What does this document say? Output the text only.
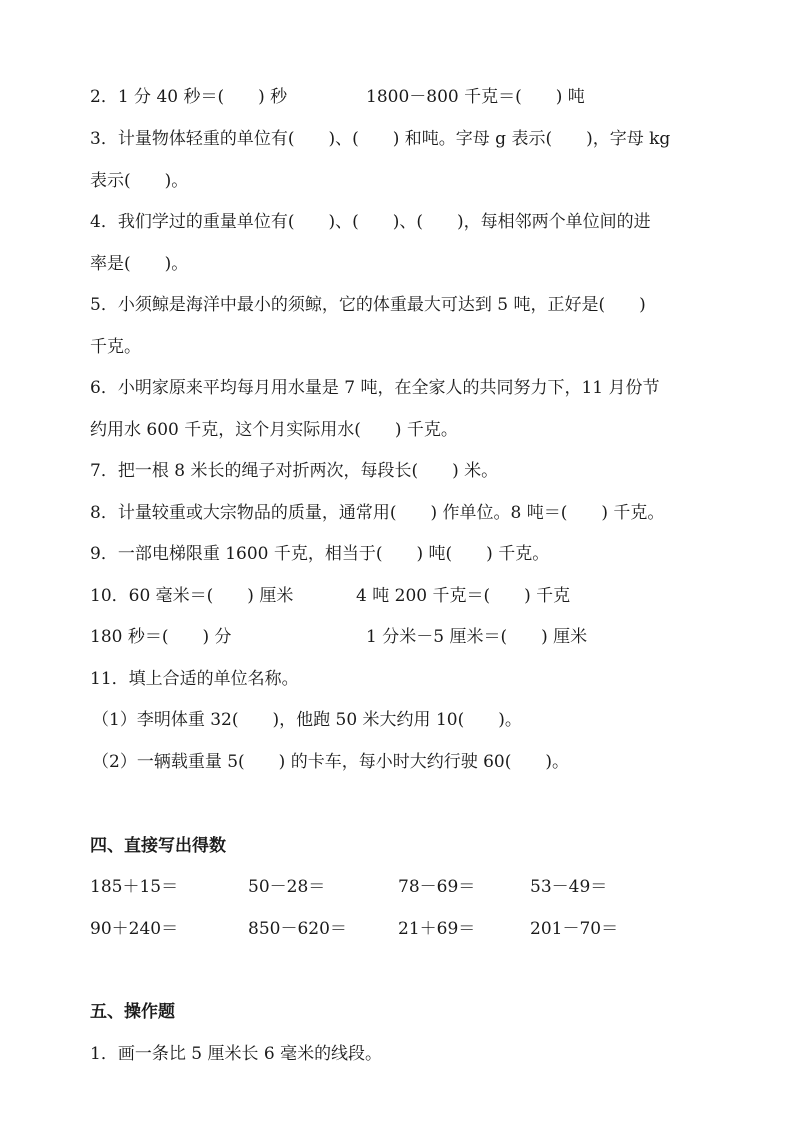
2．1 分 40 秒＝(　　) 秒	1800－800 千克＝(　　) 吨
3．计量物体轻重的单位有(　　)、(　　) 和吨。字母 g 表示(　　)，字母 kg
表示(　　)。
4．我们学过的重量单位有(　　)、(　　)、(　　)，每相邻两个单位间的进
率是(　　)。
5．小须鲸是海洋中最小的须鲸，它的体重最大可达到 5 吨，正好是(　　)
千克。
6．小明家原来平均每月用水量是 7 吨，在全家人的共同努力下，11 月份节
约用水 600 千克，这个月实际用水(　　) 千克。
7．把一根 8 米长的绳子对折两次，每段长(　　) 米。
8．计量较重或大宗物品的质量，通常用(　　) 作单位。8 吨＝(　　) 千克。
9．一部电梯限重 1600 千克，相当于(　　) 吨(　　) 千克。
10．60 毫米＝(　　) 厘米	4 吨 200 千克＝(　　) 千克
180 秒＝(　　) 分	1 分米－5 厘米＝(　　) 厘米
11．填上合适的单位名称。
（1）李明体重 32(　　)，他跑 50 米大约用 10(　　)。
（2）一辆载重量 5(　　) 的卡车，每小时大约行驶 60(　　)。
四、直接写出得数
185＋15＝	50－28＝	78－69＝	53－49＝
90＋240＝	850－620＝	21＋69＝	201－70＝
五、操作题
1．画一条比 5 厘米长 6 毫米的线段。
